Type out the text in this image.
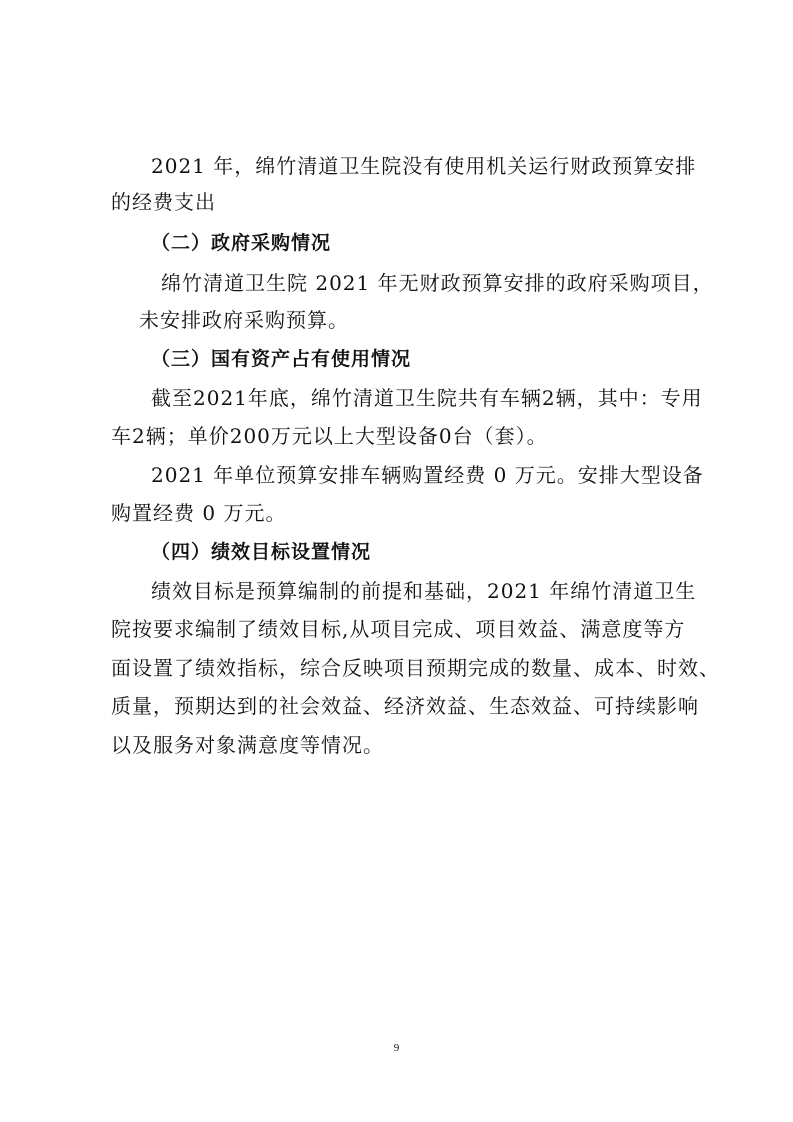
2021 年，绵竹清道卫生院没有使用机关运行财政预算安排
的经费支出
（二）政府采购情况
绵竹清道卫生院 2021 年无财政预算安排的政府采购项目，
未安排政府采购预算。
（三）国有资产占有使用情况
截至2021年底，绵竹清道卫生院共有车辆2辆，其中：专用
车2辆；单价200万元以上大型设备0台（套）。
2021 年单位预算安排车辆购置经费 0 万元。安排大型设备
购置经费 0 万元。
（四）绩效目标设置情况
绩效目标是预算编制的前提和基础，2021 年绵竹清道卫生
院按要求编制了绩效目标,从项目完成、项目效益、满意度等方
面设置了绩效指标，综合反映项目预期完成的数量、成本、时效、
质量，预期达到的社会效益、经济效益、生态效益、可持续影响
以及服务对象满意度等情况。
9
